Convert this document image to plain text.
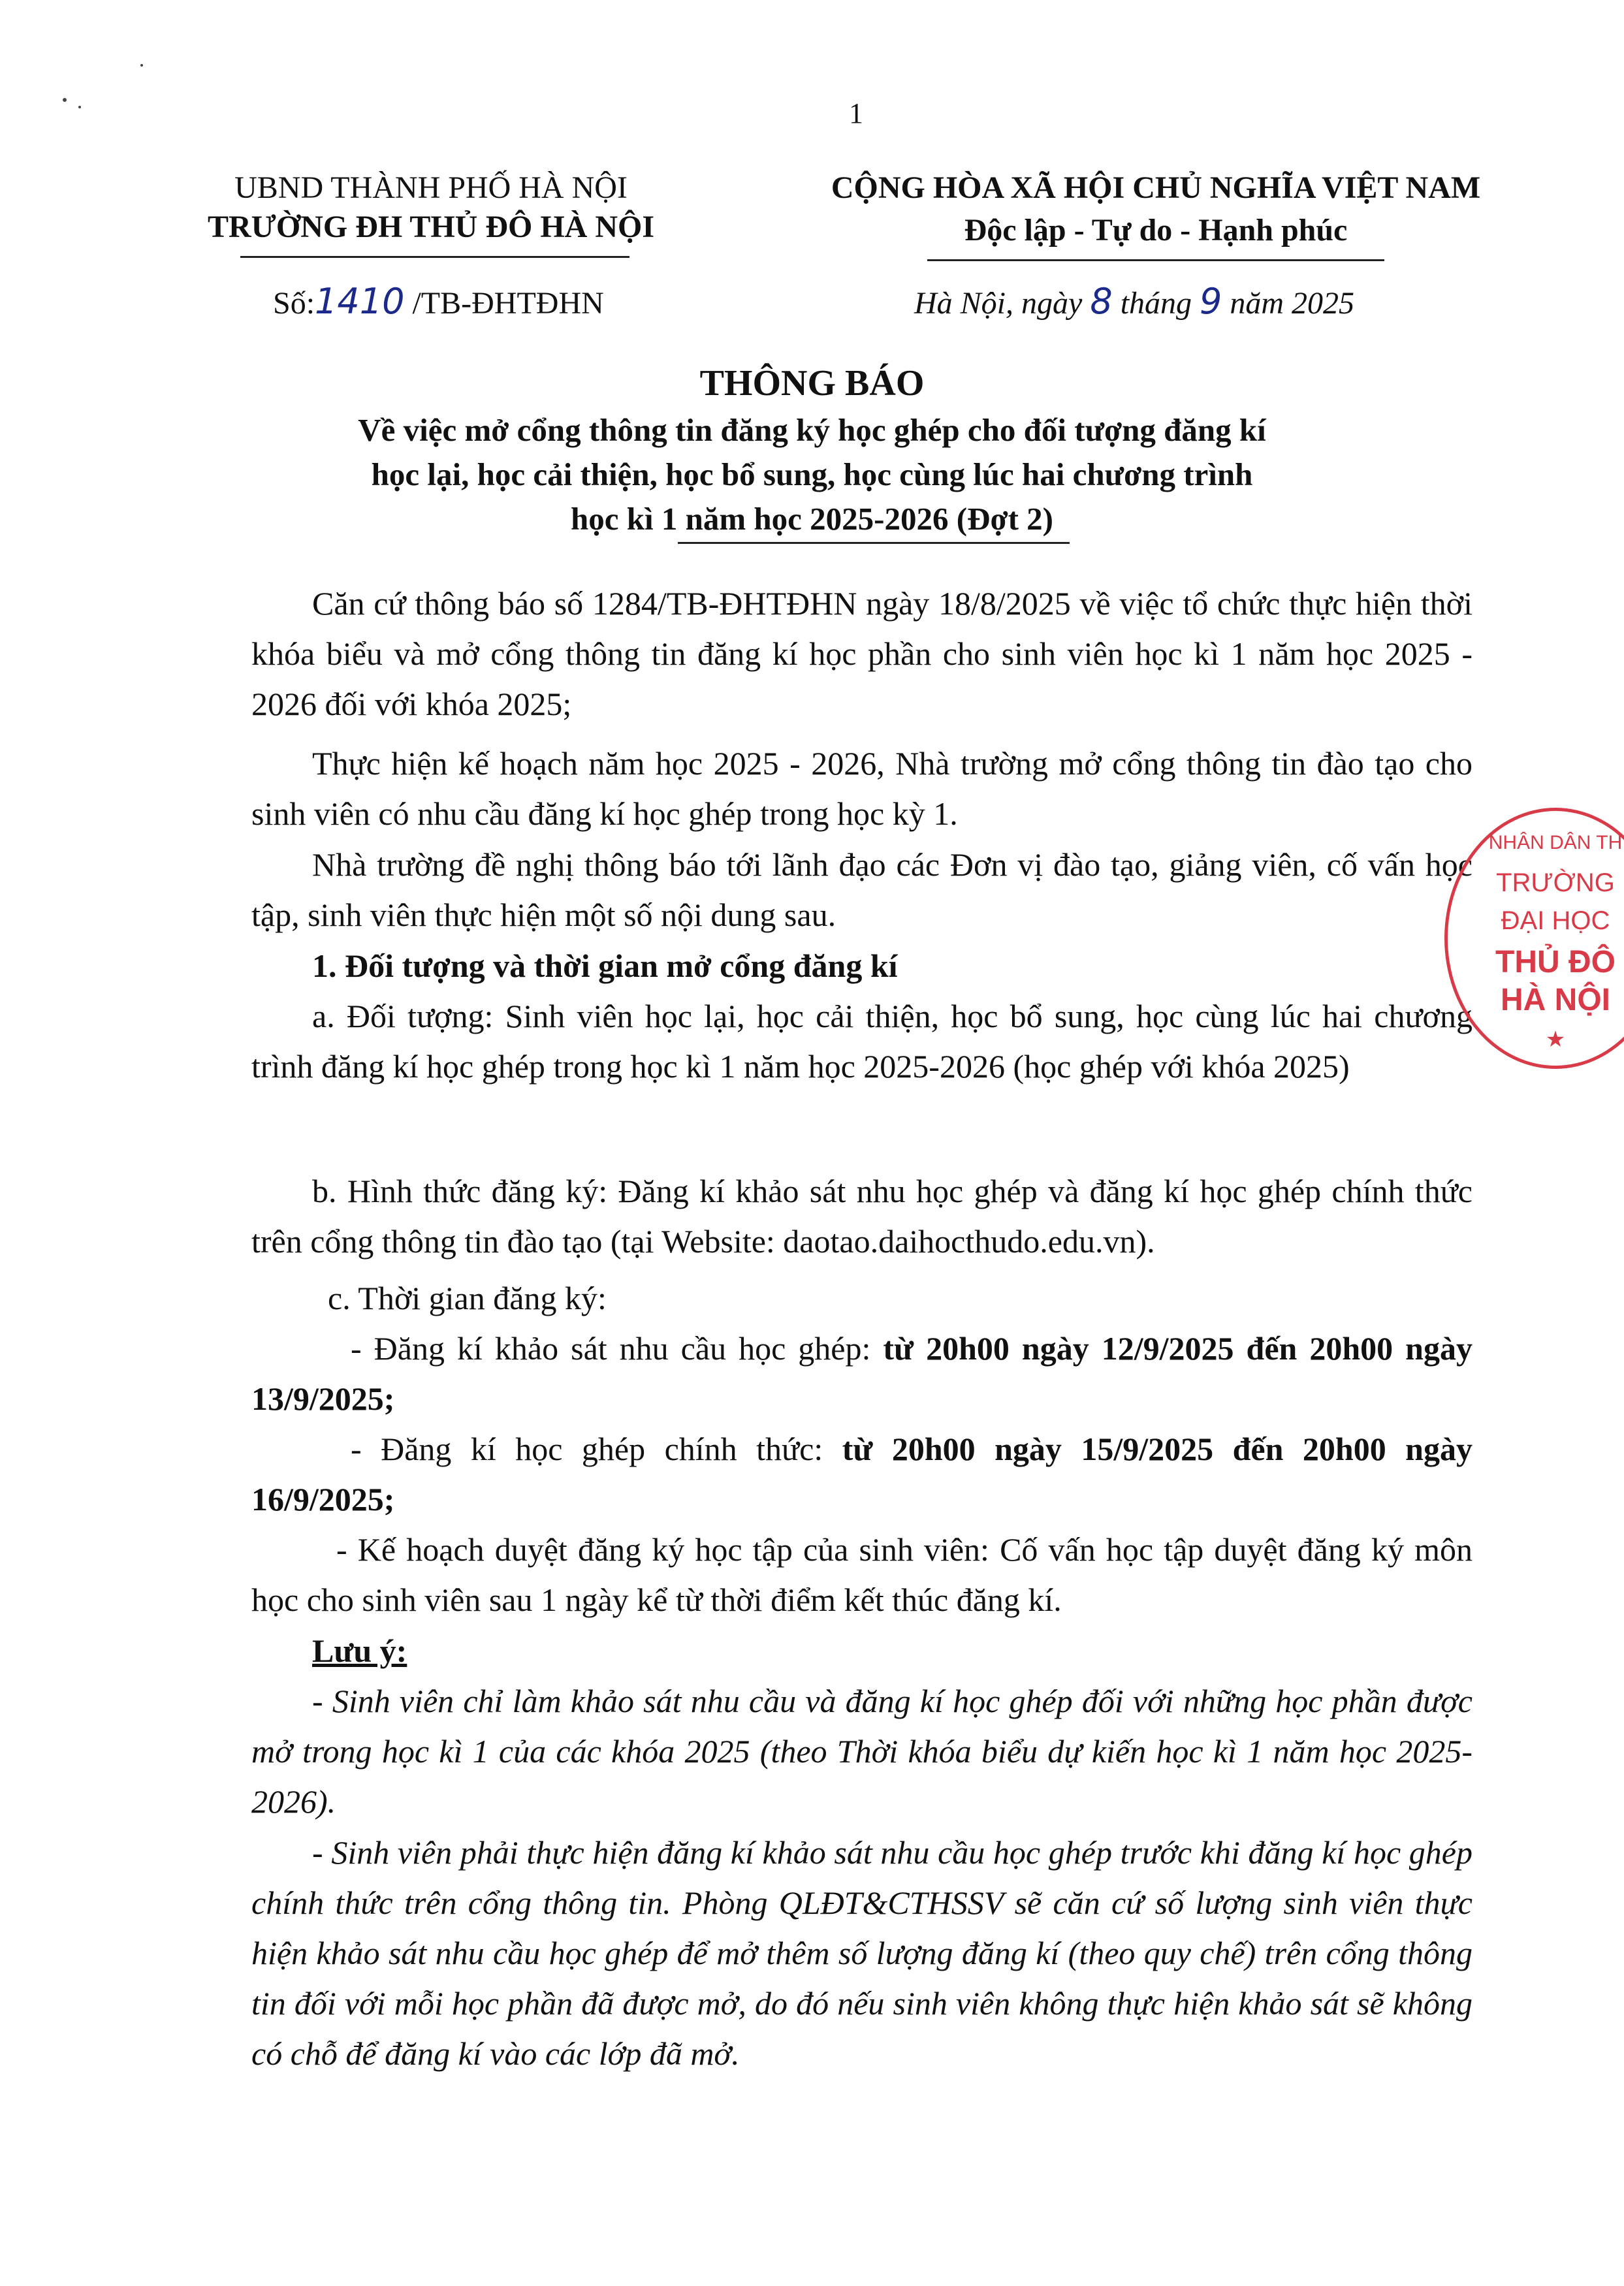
1
UBND THÀNH PHỐ HÀ NỘI
TRƯỜNG ĐH THỦ ĐÔ HÀ NỘI
Số:1410 /TB-ĐHTĐHN
CỘNG HÒA XÃ HỘI CHỦ NGHĨA VIỆT NAM
Độc lập - Tự do - Hạnh phúc
Hà Nội, ngày 8 tháng 9 năm 2025
THÔNG BÁO
Về việc mở cổng thông tin đăng ký học ghép cho đối tượng đăng kí
học lại, học cải thiện, học bổ sung, học cùng lúc hai chương trình
học kì 1 năm học 2025-2026 (Đợt 2)
Căn cứ thông báo số 1284/TB-ĐHTĐHN ngày 18/8/2025 về việc tổ chức thực hiện thời khóa biểu và mở cổng thông tin đăng kí học phần cho sinh viên học kì 1 năm học 2025 - 2026 đối với khóa 2025;
Thực hiện kế hoạch năm học 2025 - 2026, Nhà trường mở cổng thông tin đào tạo cho sinh viên có nhu cầu đăng kí học ghép trong học kỳ 1.
Nhà trường đề nghị thông báo tới lãnh đạo các Đơn vị đào tạo, giảng viên, cố vấn học tập, sinh viên thực hiện một số nội dung sau.
1. Đối tượng và thời gian mở cổng đăng kí
a. Đối tượng: Sinh viên học lại, học cải thiện, học bổ sung, học cùng lúc hai chương trình đăng kí học ghép trong học kì 1 năm học 2025-2026 (học ghép với khóa 2025)
b. Hình thức đăng ký: Đăng kí khảo sát nhu học ghép và đăng kí học ghép chính thức trên cổng thông tin đào tạo (tại Website: daotao.daihocthudo.edu.vn).
c. Thời gian đăng ký:
- Đăng kí khảo sát nhu cầu học ghép: từ 20h00 ngày 12/9/2025 đến 20h00 ngày 13/9/2025;
- Đăng kí học ghép chính thức: từ 20h00 ngày 15/9/2025 đến 20h00 ngày 16/9/2025;
- Kế hoạch duyệt đăng ký học tập của sinh viên: Cố vấn học tập duyệt đăng ký môn học cho sinh viên sau 1 ngày kể từ thời điểm kết thúc đăng kí.
Lưu ý:
- Sinh viên chỉ làm khảo sát nhu cầu và đăng kí học ghép đối với những học phần được mở trong học kì 1 của các khóa 2025 (theo Thời khóa biểu dự kiến học kì 1 năm học 2025-2026).
- Sinh viên phải thực hiện đăng kí khảo sát nhu cầu học ghép trước khi đăng kí học ghép chính thức trên cổng thông tin. Phòng QLĐT&CTHSSV sẽ căn cứ số lượng sinh viên thực hiện khảo sát nhu cầu học ghép để mở thêm số lượng đăng kí (theo quy chế) trên cổng thông tin đối với mỗi học phần đã được mở, do đó nếu sinh viên không thực hiện khảo sát sẽ không có chỗ để đăng kí vào các lớp đã mở.
NHÂN DÂN TH
TRƯỜNG
ĐẠI HỌC
THỦ ĐÔ
HÀ NỘI
★
